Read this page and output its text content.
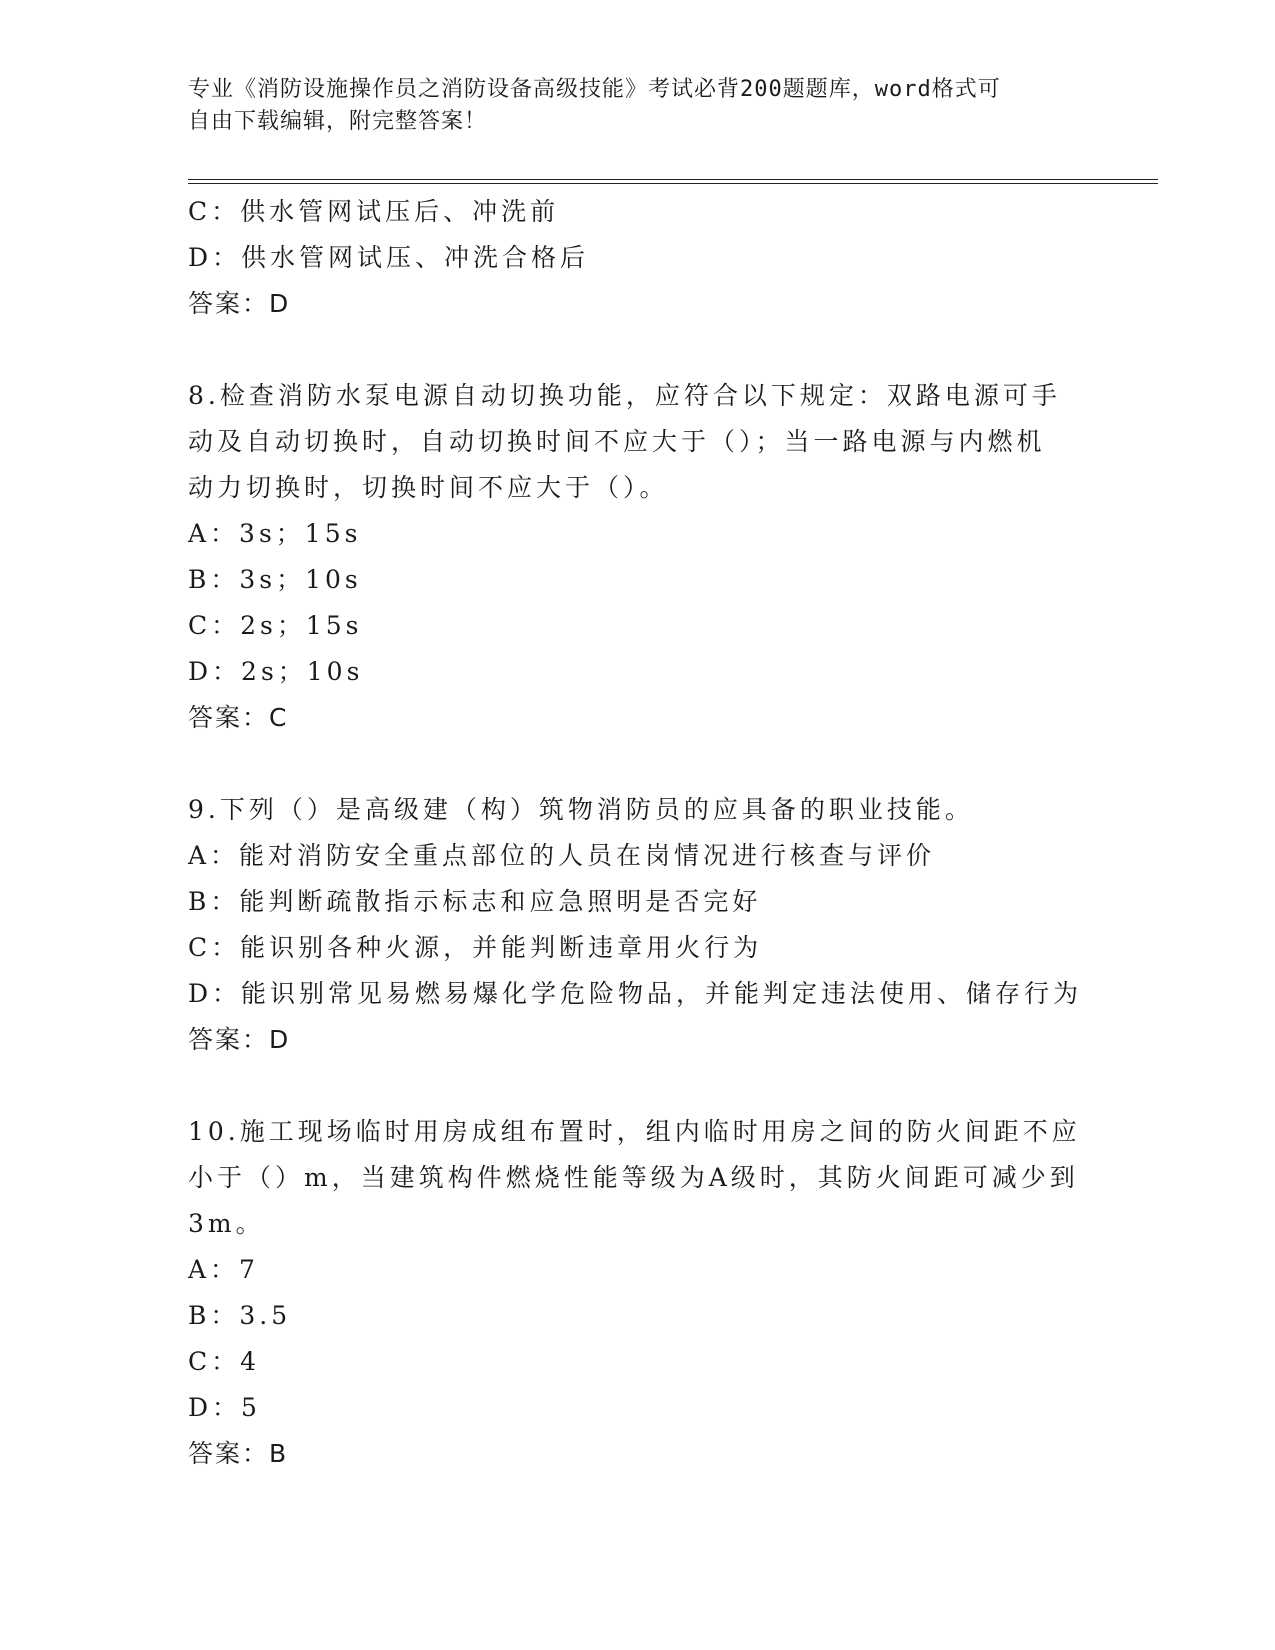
专业《消防设施操作员之消防设备高级技能》考试必背200题题库，word格式可
自由下载编辑，附完整答案！
C：供水管网试压后、冲洗前
D：供水管网试压、冲洗合格后
答案：D
8.检查消防水泵电源自动切换功能，应符合以下规定：双路电源可手
动及自动切换时，自动切换时间不应大于（）；当一路电源与内燃机
动力切换时，切换时间不应大于（）。
A：3s；15s
B：3s；10s
C：2s；15s
D：2s；10s
答案：C
9.下列（）是高级建（构）筑物消防员的应具备的职业技能。
A：能对消防安全重点部位的人员在岗情况进行核查与评价
B：能判断疏散指示标志和应急照明是否完好
C：能识别各种火源，并能判断违章用火行为
D：能识别常见易燃易爆化学危险物品，并能判定违法使用、储存行为
答案：D
10.施工现场临时用房成组布置时，组内临时用房之间的防火间距不应
小于（）m，当建筑构件燃烧性能等级为A级时，其防火间距可减少到
3m。
A：7
B：3.5
C：4
D：5
答案：B
